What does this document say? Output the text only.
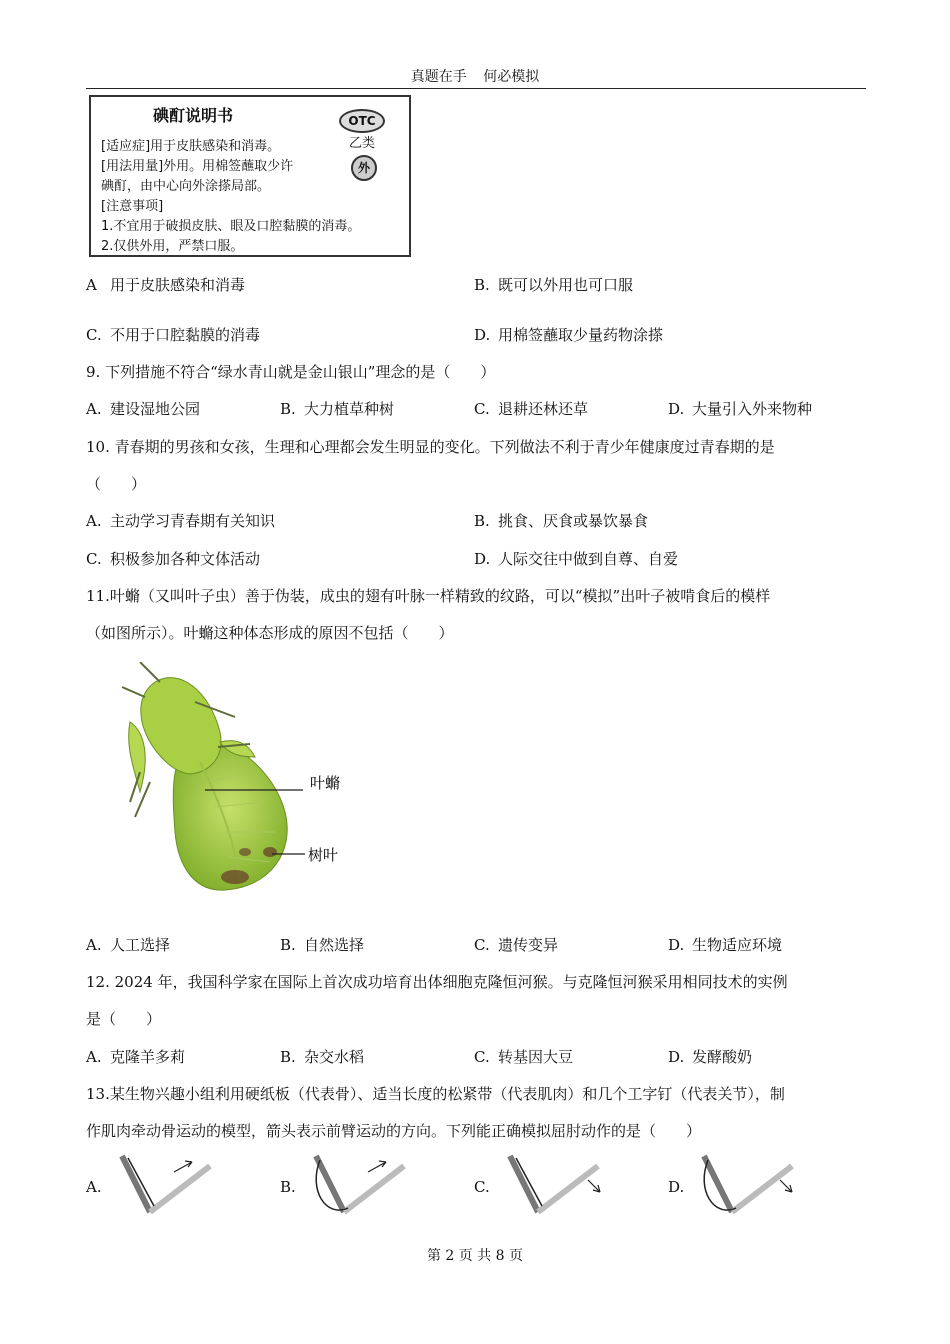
真题在手 何必模拟
碘酊说明书	OTC
乙类
外
[适应症]用于皮肤感染和消毒。
[用法用量]外用。用棉签蘸取少许
碘酊，由中心向外涂搽局部。
[注意事项]
1.不宜用于破损皮肤、眼及口腔黏膜的消毒。
2.仅供外用，严禁口服。
A 用于皮肤感染和消毒	B. 既可以外用也可口服
C. 不用于口腔黏膜的消毒	D. 用棉签蘸取少量药物涂搽
9. 下列措施不符合“绿水青山就是金山银山”理念的是（　　）
A. 建设湿地公园	B. 大力植草种树	C. 退耕还林还草	D. 大量引入外来物种
10. 青春期的男孩和女孩，生理和心理都会发生明显的变化。下列做法不利于青少年健康度过青春期的是
（　　）
A. 主动学习青春期有关知识	B. 挑食、厌食或暴饮暴食
C. 积极参加各种文体活动	D. 人际交往中做到自尊、自爱
11.叶䗛（又叫叶子虫）善于伪装，成虫的翅有叶脉一样精致的纹路，可以“模拟”出叶子被啃食后的模样
（如图所示）。叶䗛这种体态形成的原因不包括（　　）
叶䗛
树叶
A. 人工选择	B. 自然选择	C. 遗传变异	D. 生物适应环境
12. 2024 年，我国科学家在国际上首次成功培育出体细胞克隆恒河猴。与克隆恒河猴采用相同技术的实例
是（　　）
A. 克隆羊多莉	B. 杂交水稻	C. 转基因大豆	D. 发酵酸奶
13.某生物兴趣小组利用硬纸板（代表骨）、适当长度的松紧带（代表肌肉）和几个工字钉（代表关节），制
作肌肉牵动骨运动的模型，箭头表示前臂运动的方向。下列能正确模拟屈肘动作的是（　　）
A.	B.	C.	D.
第 2 页 共 8 页
